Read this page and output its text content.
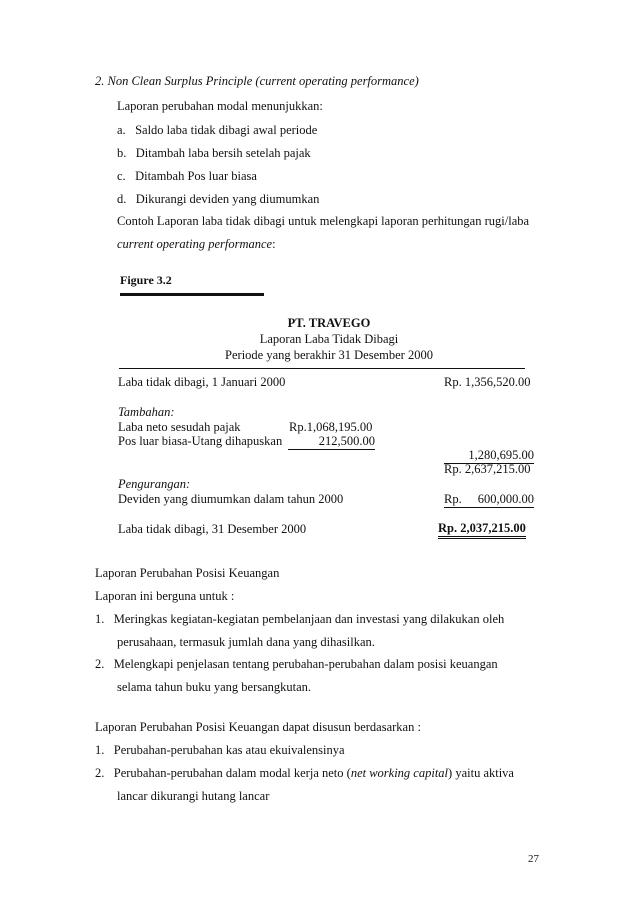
2. Non Clean Surplus Principle (current operating performance)
Laporan perubahan modal menunjukkan:
a. Saldo laba tidak dibagi awal periode
b. Ditambah laba bersih setelah pajak
c. Ditambah Pos luar biasa
d. Dikurangi deviden yang diumumkan
Contoh Laporan laba tidak dibagi untuk melengkapi laporan perhitungan rugi/laba
current operating performance:
Figure 3.2
PT. TRAVEGO
Laporan Laba Tidak Dibagi
Periode yang berakhir 31 Desember 2000
Laba tidak dibagi, 1 Januari 2000	Rp. 1,356,520.00
Tambahan:
Laba neto sesudah pajak	Rp.1,068,195.00
Pos luar biasa-Utang dihapuskan	212,500.00
1,280,695.00
Rp. 2,637,215.00
Pengurangan:
Deviden yang diumumkan dalam tahun 2000	Rp. 600,000.00
Laba tidak dibagi, 31 Desember 2000	Rp. 2,037,215.00
Laporan Perubahan Posisi Keuangan
Laporan ini berguna untuk :
1. Meringkas kegiatan-kegiatan pembelanjaan dan investasi yang dilakukan oleh
perusahaan, termasuk jumlah dana yang dihasilkan.
2. Melengkapi penjelasan tentang perubahan-perubahan dalam posisi keuangan
selama tahun buku yang bersangkutan.
Laporan Perubahan Posisi Keuangan dapat disusun berdasarkan :
1. Perubahan-perubahan kas atau ekuivalensinya
2. Perubahan-perubahan dalam modal kerja neto (net working capital) yaitu aktiva
lancar dikurangi hutang lancar
27
